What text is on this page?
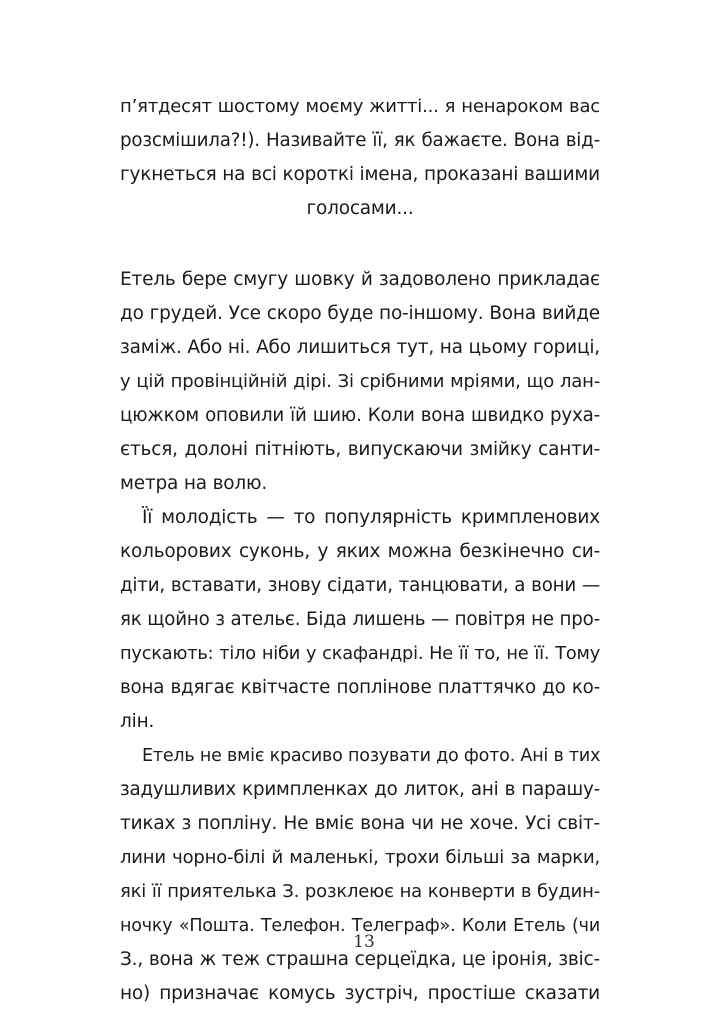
п’ятдесят шостому моєму житті... я ненароком вас
розсмішила?!). Називайте її, як бажаєте. Вона від-
гукнеться на всі короткі імена, проказані вашими
голосами...
Етель бере смугу шовку й задоволено прикладає
до грудей. Усе скоро буде по-іншому. Вона вийде
заміж. Або ні. Або лишиться тут, на цьому гориці,
у цій провінційній дірі. Зі срібними мріями, що лан-
цюжком оповили їй шию. Коли вона швидко руха-
ється, долоні пітніють, випускаючи змійку санти-
метра на волю.
Її молодість — то популярність кримпленових
кольорових суконь, у яких можна безкінечно си-
діти, вставати, знову сідати, танцювати, а вони —
як щойно з ательє. Біда лишень — повітря не про-
пускають: тіло ніби у скафандрі. Не її то, не її. Тому
вона вдягає квітчасте поплінове платтячко до ко-
лін.
Етель не вміє красиво позувати до фото. Ані в тих
задушливих кримпленках до литок, ані в парашу-
тиках з попліну. Не вміє вона чи не хоче. Усі світ-
лини чорно-білі й маленькі, трохи більші за марки,
які її приятелька З. розклеює на конверти в будин-
ночку «Пошта. Телефон. Телеграф». Коли Етель (чи
З., вона ж теж страшна серцеїдка, це іронія, звіс-
но) призначає комусь зустріч, простіше сказати
13
